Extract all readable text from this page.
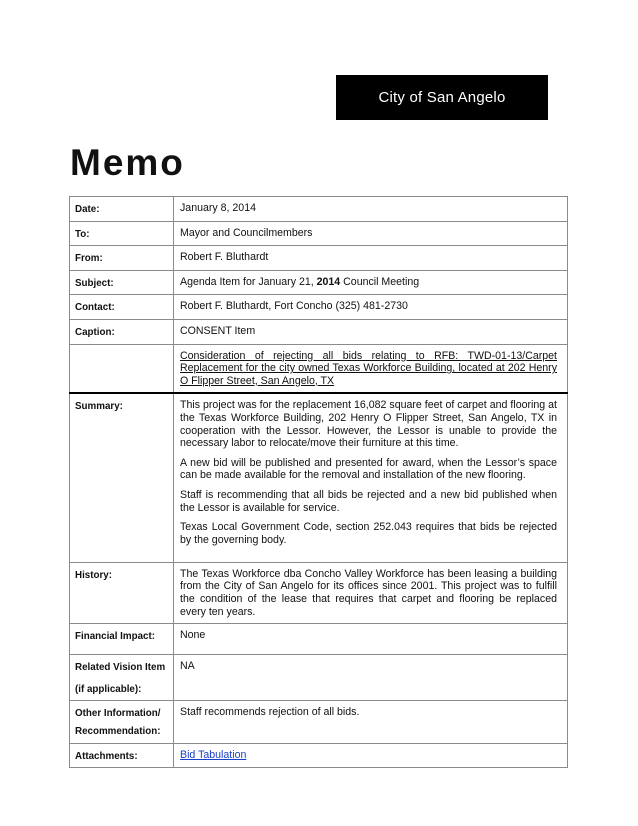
City of San Angelo
Memo
Date:	January 8, 2014
To:	Mayor and Councilmembers
From:	Robert F. Bluthardt
Subject:	Agenda Item for January 21, 2014 Council Meeting
Contact:	Robert F. Bluthardt, Fort Concho (325) 481-2730
Caption:	CONSENT Item
	Consideration of rejecting all bids relating to RFB: TWD-01-13/Carpet Replacement for the city owned Texas Workforce Building, located at 202 Henry O Flipper Street, San Angelo, TX
Summary:	This project was for the replacement 16,082 square feet of carpet and flooring at the Texas Workforce Building, 202 Henry O Flipper Street, San Angelo, TX in cooperation with the Lessor. However, the Lessor is unable to provide the necessary labor to relocate/move their furniture at this time.

A new bid will be published and presented for award, when the Lessor’s space can be made available for the removal and installation of the new flooring.

Staff is recommending that all bids be rejected and a new bid published when the Lessor is available for service.

Texas Local Government Code, section 252.043 requires that bids be rejected by the governing body.

History:	The Texas Workforce dba Concho Valley Workforce has been leasing a building from the City of San Angelo for its offices since 2001. This project was to fulfill the condition of the lease that requires that carpet and flooring be replaced every ten years.
Financial Impact:	None

Related Vision Item
(if applicable):	NA

Other Information/
Recommendation:	Staff recommends rejection of all bids.
Attachments:	Bid Tabulation
